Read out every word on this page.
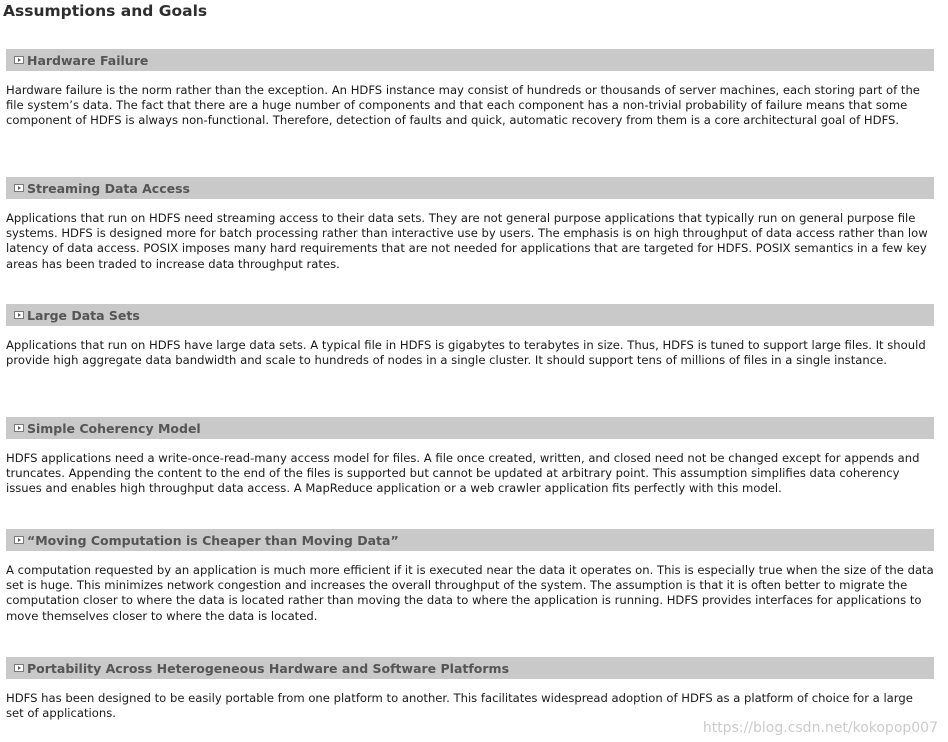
Assumptions and Goals
Hardware Failure

Hardware failure is the norm rather than the exception. An HDFS instance may consist of hundreds or thousands of server machines, each storing part of the file system’s data. The fact that there are a huge number of components and that each component has a non-trivial probability of failure means that some component of HDFS is always non-functional. Therefore, detection of faults and quick, automatic recovery from them is a core architectural goal of HDFS.

Streaming Data Access

Applications that run on HDFS need streaming access to their data sets. They are not general purpose applications that typically run on general purpose file systems. HDFS is designed more for batch processing rather than interactive use by users. The emphasis is on high throughput of data access rather than low latency of data access. POSIX imposes many hard requirements that are not needed for applications that are targeted for HDFS. POSIX semantics in a few key areas has been traded to increase data throughput rates.

Large Data Sets

Applications that run on HDFS have large data sets. A typical file in HDFS is gigabytes to terabytes in size. Thus, HDFS is tuned to support large files. It should provide high aggregate data bandwidth and scale to hundreds of nodes in a single cluster. It should support tens of millions of files in a single instance.

Simple Coherency Model

HDFS applications need a write-once-read-many access model for files. A file once created, written, and closed need not be changed except for appends and truncates. Appending the content to the end of the files is supported but cannot be updated at arbitrary point. This assumption simplifies data coherency issues and enables high throughput data access. A MapReduce application or a web crawler application fits perfectly with this model.

“Moving Computation is Cheaper than Moving Data”

A computation requested by an application is much more efficient if it is executed near the data it operates on. This is especially true when the size of the data set is huge. This minimizes network congestion and increases the overall throughput of the system. The assumption is that it is often better to migrate the computation closer to where the data is located rather than moving the data to where the application is running. HDFS provides interfaces for applications to move themselves closer to where the data is located.

Portability Across Heterogeneous Hardware and Software Platforms

HDFS has been designed to be easily portable from one platform to another. This facilitates widespread adoption of HDFS as a platform of choice for a large set of applications.

https://blog.csdn.net/kokopop007
